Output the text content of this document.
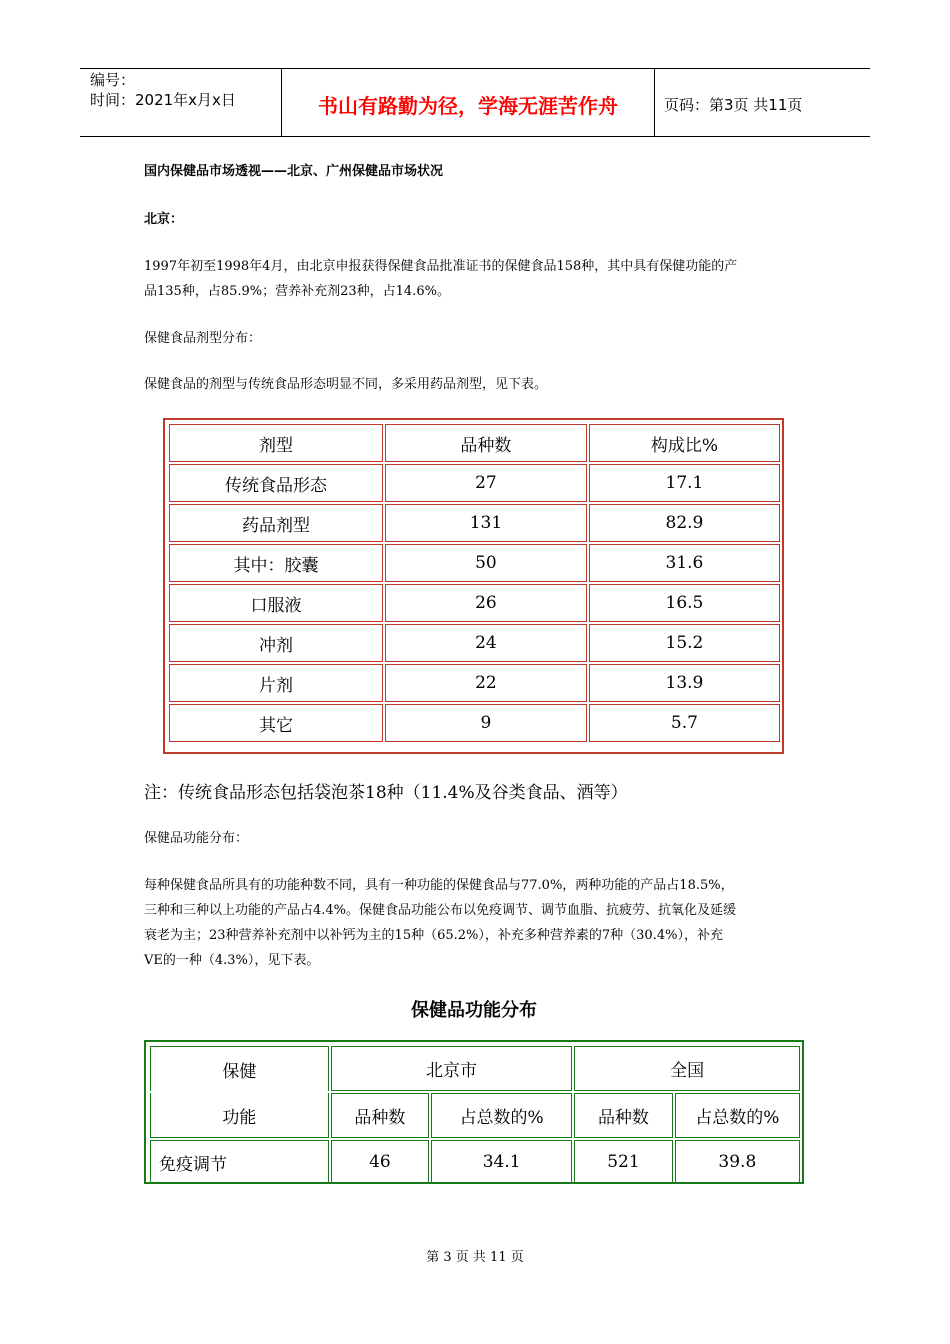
编号：
时间：2021年x月x日	书山有路勤为径，学海无涯苦作舟	页码：第3页 共11页
国内保健品市场透视——北京、广州保健品市场状况
北京：
1997年初至1998年4月，由北京申报获得保健食品批准证书的保健食品158种，其中具有保健功能的产
品135种，占85.9%；营养补充剂23种，占14.6%。
保健食品剂型分布：
保健食品的剂型与传统食品形态明显不同，多采用药品剂型，见下表。
剂型	品种数	构成比%
传统食品形态	27	17.1
药品剂型	131	82.9
其中：胶囊	50	31.6
口服液	26	16.5
冲剂	24	15.2
片剂	22	13.9
其它	9	5.7
注：传统食品形态包括袋泡茶18种（11.4%及谷类食品、酒等）
保健品功能分布：
每种保健食品所具有的功能种数不同，具有一种功能的保健食品与77.0%，两种功能的产品占18.5%，
三种和三种以上功能的产品占4.4%。保健食品功能公布以免疫调节、调节血脂、抗疲劳、抗氧化及延缓
衰老为主；23种营养补充剂中以补钙为主的15种（65.2%），补充多种营养素的7种（30.4%），补充
VE的一种（4.3%），见下表。
保健品功能分布
保健	北京市		全国	
功能	品种数	占总数的%	品种数	占总数的%
免疫调节	46	34.1	521	39.8
第 3 页 共 11 页
